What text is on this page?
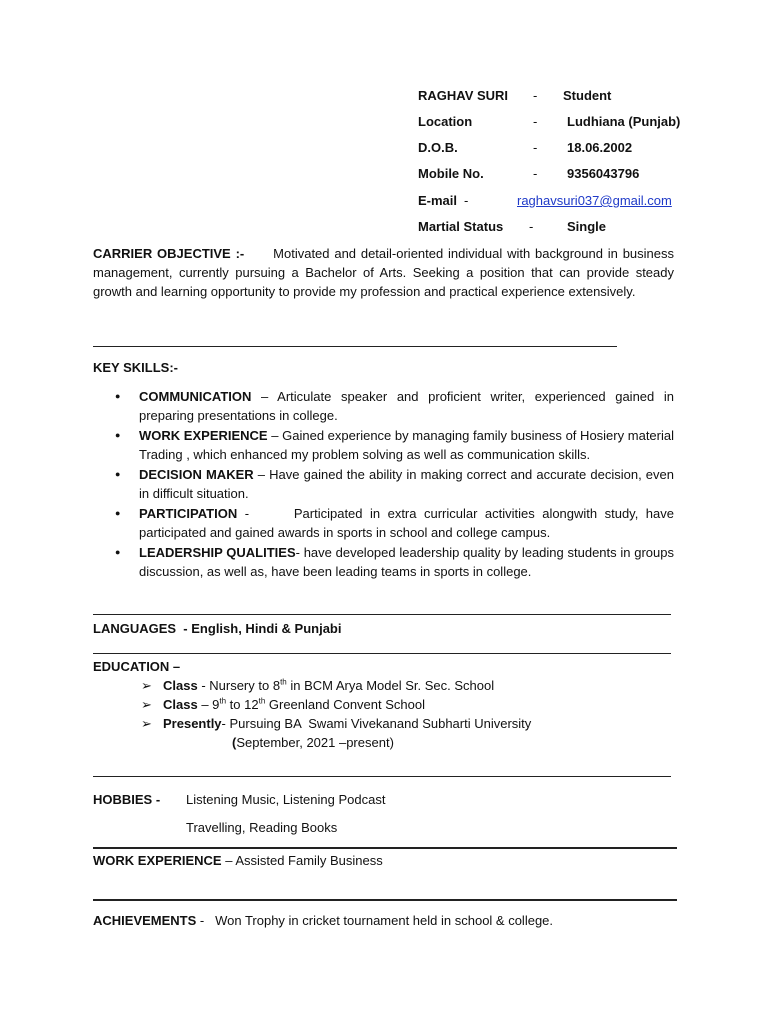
RAGHAV SURI - Student
Location	- Ludhiana (Punjab)
D.O.B.	- 18.06.2002
Mobile No.	- 9356043796
E-mail -	raghavsuri037@gmail.com
Martial Status -	Single
CARRIER OBJECTIVE :- Motivated and detail-oriented individual with background in business management, currently pursuing a Bachelor of Arts. Seeking a position that can provide steady growth and learning opportunity to provide my profession and practical experience extensively.
KEY SKILLS:-
● COMMUNICATION – Articulate speaker and proficient writer, experienced gained in preparing presentations in college.
● WORK EXPERIENCE – Gained experience by managing family business of Hosiery material Trading , which enhanced my problem solving as well as communication skills.
● DECISION MAKER – Have gained the ability in making correct and accurate decision, even in difficult situation.
● PARTICIPATION -      Participated in extra curricular activities alongwith study, have participated and gained awards in sports in school and college campus.
● LEADERSHIP QUALITIES- have developed leadership quality by leading students in groups discussion, as well as, have been leading teams in sports in college.
LANGUAGES - English, Hindi & Punjabi
EDUCATION –
➢ Class - Nursery to 8th in BCM Arya Model Sr. Sec. School
➢ Class – 9th to 12th Greenland Convent School
➢ Presently- Pursuing BA  Swami Vivekanand Subharti University
(September, 2021 –present)
HOBBIES - Listening Music, Listening Podcast
Travelling, Reading Books
WORK EXPERIENCE – Assisted Family Business
ACHIEVEMENTS -   Won Trophy in cricket tournament held in school & college.
